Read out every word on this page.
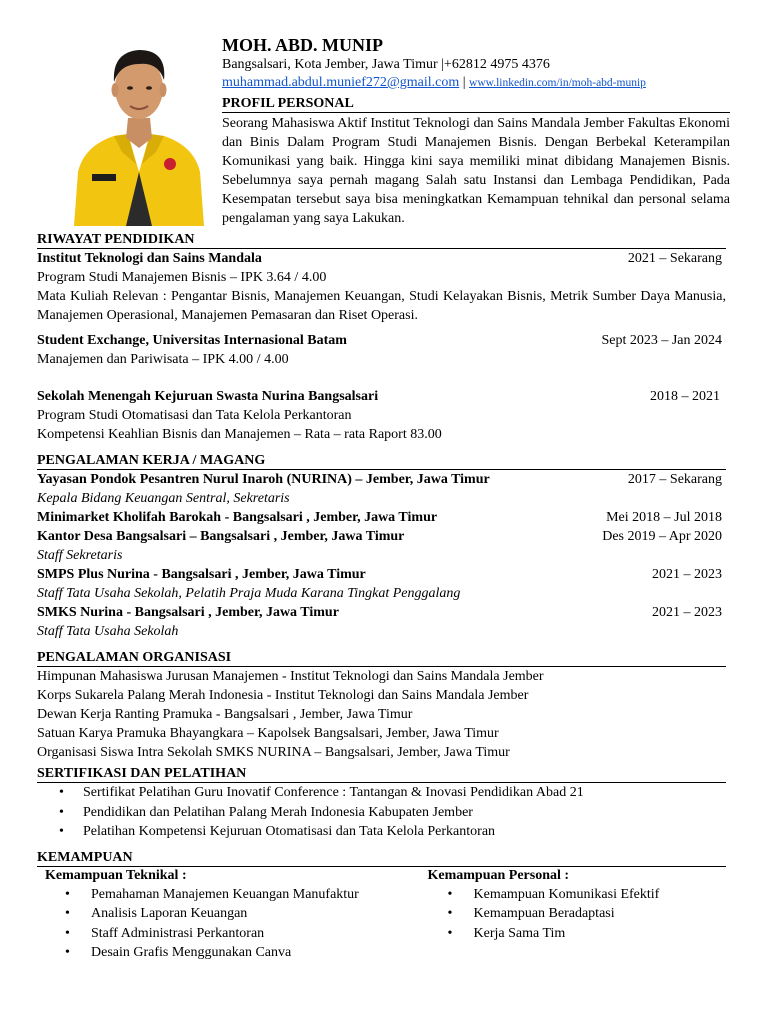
MOH. ABD. MUNIP
Bangsalsari, Kota Jember, Jawa Timur |+62812 4975 4376
muhammad.abdul.munief272@gmail.com | www.linkedin.com/in/moh-abd-munip
PROFIL PERSONAL
Seorang Mahasiswa Aktif Institut Teknologi dan Sains Mandala Jember Fakultas Ekonomi dan Binis Dalam Program Studi Manajemen Bisnis. Dengan Berbekal Keterampilan Komunikasi yang baik. Hingga kini saya memiliki minat dibidang Manajemen Bisnis. Sebelumnya saya pernah magang Salah satu Instansi dan Lembaga Pendidikan, Pada Kesempatan tersebut saya bisa meningkatkan Kemampuan tehnikal dan personal selama pengalaman yang saya Lakukan.
RIWAYAT PENDIDIKAN
Institut Teknologi dan Sains Mandala	2021 – Sekarang
Program Studi Manajemen Bisnis – IPK 3.64 / 4.00
Mata Kuliah Relevan : Pengantar Bisnis, Manajemen Keuangan, Studi Kelayakan Bisnis, Metrik Sumber Daya Manusia, Manajemen Operasional, Manajemen Pemasaran dan Riset Operasi.
Student Exchange, Universitas Internasional Batam	Sept 2023 – Jan 2024
Manajemen dan Pariwisata – IPK 4.00 / 4.00
Sekolah Menengah Kejuruan Swasta Nurina Bangsalsari	2018 – 2021
Program Studi Otomatisasi dan Tata Kelola Perkantoran
Kompetensi Keahlian Bisnis dan Manajemen – Rata – rata Raport 83.00
PENGALAMAN KERJA / MAGANG
Yayasan Pondok Pesantren Nurul Inaroh (NURINA) – Jember, Jawa Timur	2017 – Sekarang
Kepala Bidang Keuangan Sentral, Sekretaris
Minimarket Kholifah Barokah - Bangsalsari , Jember, Jawa Timur	Mei 2018 – Jul 2018
Kantor Desa Bangsalsari – Bangsalsari , Jember, Jawa Timur	Des 2019 – Apr 2020
Staff Sekretaris
SMPS Plus Nurina - Bangsalsari , Jember, Jawa Timur	2021 – 2023
Staff Tata Usaha Sekolah, Pelatih Praja Muda Karana Tingkat Penggalang
SMKS Nurina - Bangsalsari , Jember, Jawa Timur	2021 – 2023
Staff Tata Usaha Sekolah
PENGALAMAN ORGANISASI
Himpunan Mahasiswa Jurusan Manajemen - Institut Teknologi dan Sains Mandala Jember
Korps Sukarela Palang Merah Indonesia - Institut Teknologi dan Sains Mandala Jember
Dewan Kerja Ranting Pramuka - Bangsalsari , Jember, Jawa Timur
Satuan Karya Pramuka Bhayangkara – Kapolsek Bangsalsari, Jember, Jawa Timur
Organisasi Siswa Intra Sekolah SMKS NURINA – Bangsalsari, Jember, Jawa Timur
SERTIFIKASI DAN PELATIHAN
• Sertifikat Pelatihan Guru Inovatif Conference : Tantangan & Inovasi Pendidikan Abad 21
• Pendidikan dan Pelatihan Palang Merah Indonesia Kabupaten Jember
• Pelatihan Kompetensi Kejuruan Otomatisasi dan Tata Kelola Perkantoran
KEMAMPUAN
Kemampuan Teknikal :
• Pemahaman Manajemen Keuangan Manufaktur
• Analisis Laporan Keuangan
• Staff Administrasi Perkantoran
• Desain Grafis Menggunakan Canva
Kemampuan Personal :
• Kemampuan Komunikasi Efektif
• Kemampuan Beradaptasi
• Kerja Sama Tim
